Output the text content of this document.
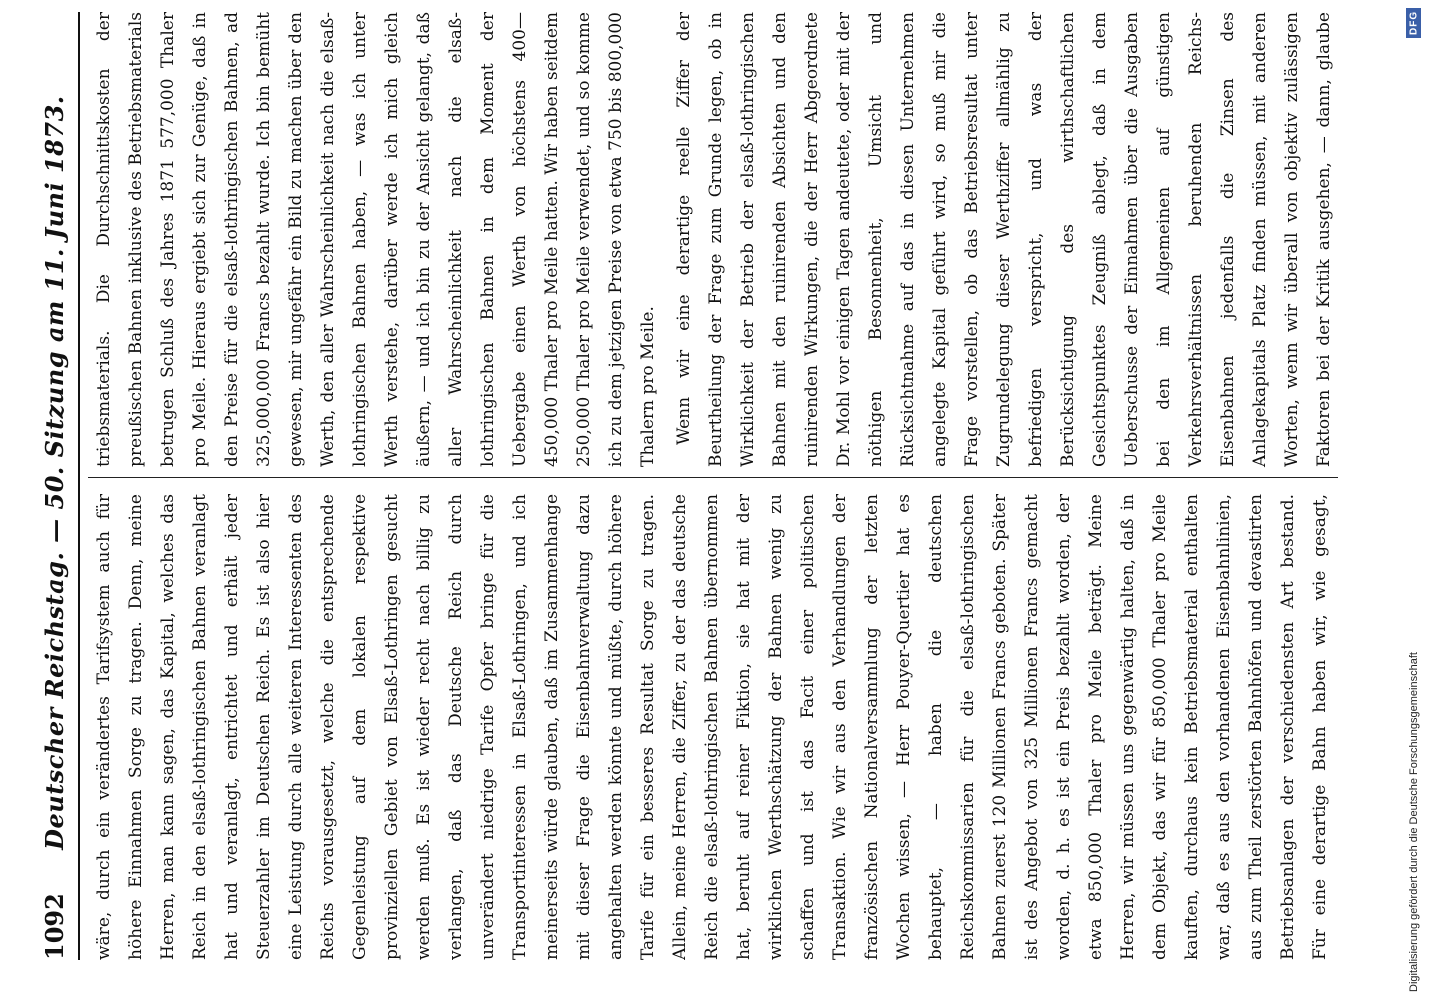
1092
Deutscher Reichstag. — 50. Sitzung am 11. Juni 1873.

wäre, durch ein verändertes Tarifsystem auch für höhere Einnahmen Sorge zu tragen. Denn, meine Herren, man kann sagen, das Kapital, welches das Reich in den elsaß-lothringischen Bahnen veranlagt hat und veranlagt, entrichtet und erhält jeder Steuerzahler im Deutschen Reich. Es ist also hier eine Leistung durch alle weiteren Interessenten des Reichs vorausgesetzt, welche die entsprechende Gegenleistung auf dem lokalen respektive provinziellen Gebiet von Elsaß-Lothringen gesucht werden muß. Es ist wieder recht nach billig zu verlangen, daß das Deutsche Reich durch unverändert niedrige Tarife Opfer bringe für die Transportinteressen in Elsaß-Lothringen, und ich meinerseits würde glauben, daß im Zusammenhange mit dieser Frage die Eisenbahnverwaltung dazu angehalten werden könnte und müßte, durch höhere Tarife für ein besseres Resultat Sorge zu tragen. Allein, meine Herren, die Ziffer, zu der das deutsche Reich die elsaß-lothringischen Bahnen übernommen hat, beruht auf reiner Fiktion, sie hat mit der wirklichen Werthschätzung der Bahnen wenig zu schaffen und ist das Facit einer politischen Transaktion. Wie wir aus den Verhandlungen der französischen Nationalversammlung der letzten Wochen wissen, — Herr Pouyer-Quertier hat es behauptet, — haben die deutschen Reichskommissarien für die elsaß-lothringischen Bahnen zuerst 120 Millionen Francs geboten. Später ist des Angebot von 325 Millionen Francs gemacht worden, d. h. es ist ein Preis bezahlt worden, der etwa 850,000 Thaler pro Meile beträgt. Meine Herren, wir müssen uns gegenwärtig halten, daß in dem Objekt, das wir für 850,000 Thaler pro Meile kauften, durchaus kein Betriebsmaterial enthalten war, daß es aus den vorhandenen Eisenbahnlinien, aus zum Theil zerstörten Bahnhöfen und devastirten Betriebsanlagen der verschiedensten Art bestand. Für eine derartige Bahn haben wir, wie gesagt,

triebsmaterials. Die Durchschnittskosten der preußischen Bahnen inklusive des Betriebsmaterials betrugen Schluß des Jahres 1871 577,000 Thaler pro Meile. Hieraus ergiebt sich zur Genüge, daß in den Preise für die elsaß-lothringischen Bahnen, ad 325,000,000 Francs bezahlt wurde. Ich bin bemüht gewesen, mir ungefähr ein Bild zu machen über den Werth, den aller Wahrscheinlichkeit nach die elsaß-lothringischen Bahnen haben, — was ich unter Werth verstehe, darüber werde ich mich gleich äußern, — und ich bin zu der Ansicht gelangt, daß aller Wahrscheinlichkeit nach die elsaß-lothringischen Bahnen in dem Moment der Uebergabe einen Werth von höchstens 400—450,000 Thaler pro Meile hatten. Wir haben seitdem 250,000 Thaler pro Meile verwendet, und so komme ich zu dem jetzigen Preise von etwa 750 bis 800,000 Thalern pro Meile. Wenn wir eine derartige reelle Ziffer der Beurtheilung der Frage zum Grunde legen, ob in Wirklichkeit der Betrieb der elsaß-lothringischen Bahnen mit den ruinirenden Absichten und den ruinirenden Wirkungen, die der Herr Abgeordnete Dr. Mohl vor einigen Tagen andeutete, oder mit der nöthigen Besonnenheit, Umsicht und Rücksichtnahme auf das in diesen Unternehmen angelegte Kapital geführt wird, so muß mir die Frage vorstellen, ob das Betriebsresultat unter Zugrundelegung dieser Werthziffer allmählig zu befriedigen verspricht, und was der Berücksichtigung des wirthschaftlichen Gesichtspunktes Zeugniß ablegt, daß in dem Ueberschusse der Einnahmen über die Ausgaben bei den im Allgemeinen auf günstigen Verkehrsverhältnissen beruhenden Reichs-Eisenbahnen jedenfalls die Zinsen des Anlagekapitals Platz finden müssen, mit anderen Worten, wenn wir überall von objektiv zulässigen Faktoren bei der Kritik ausgehen, — dann, glaube

Digitalisierung gefördert durch die Deutsche Forschungsgemeinschaft
DFG
